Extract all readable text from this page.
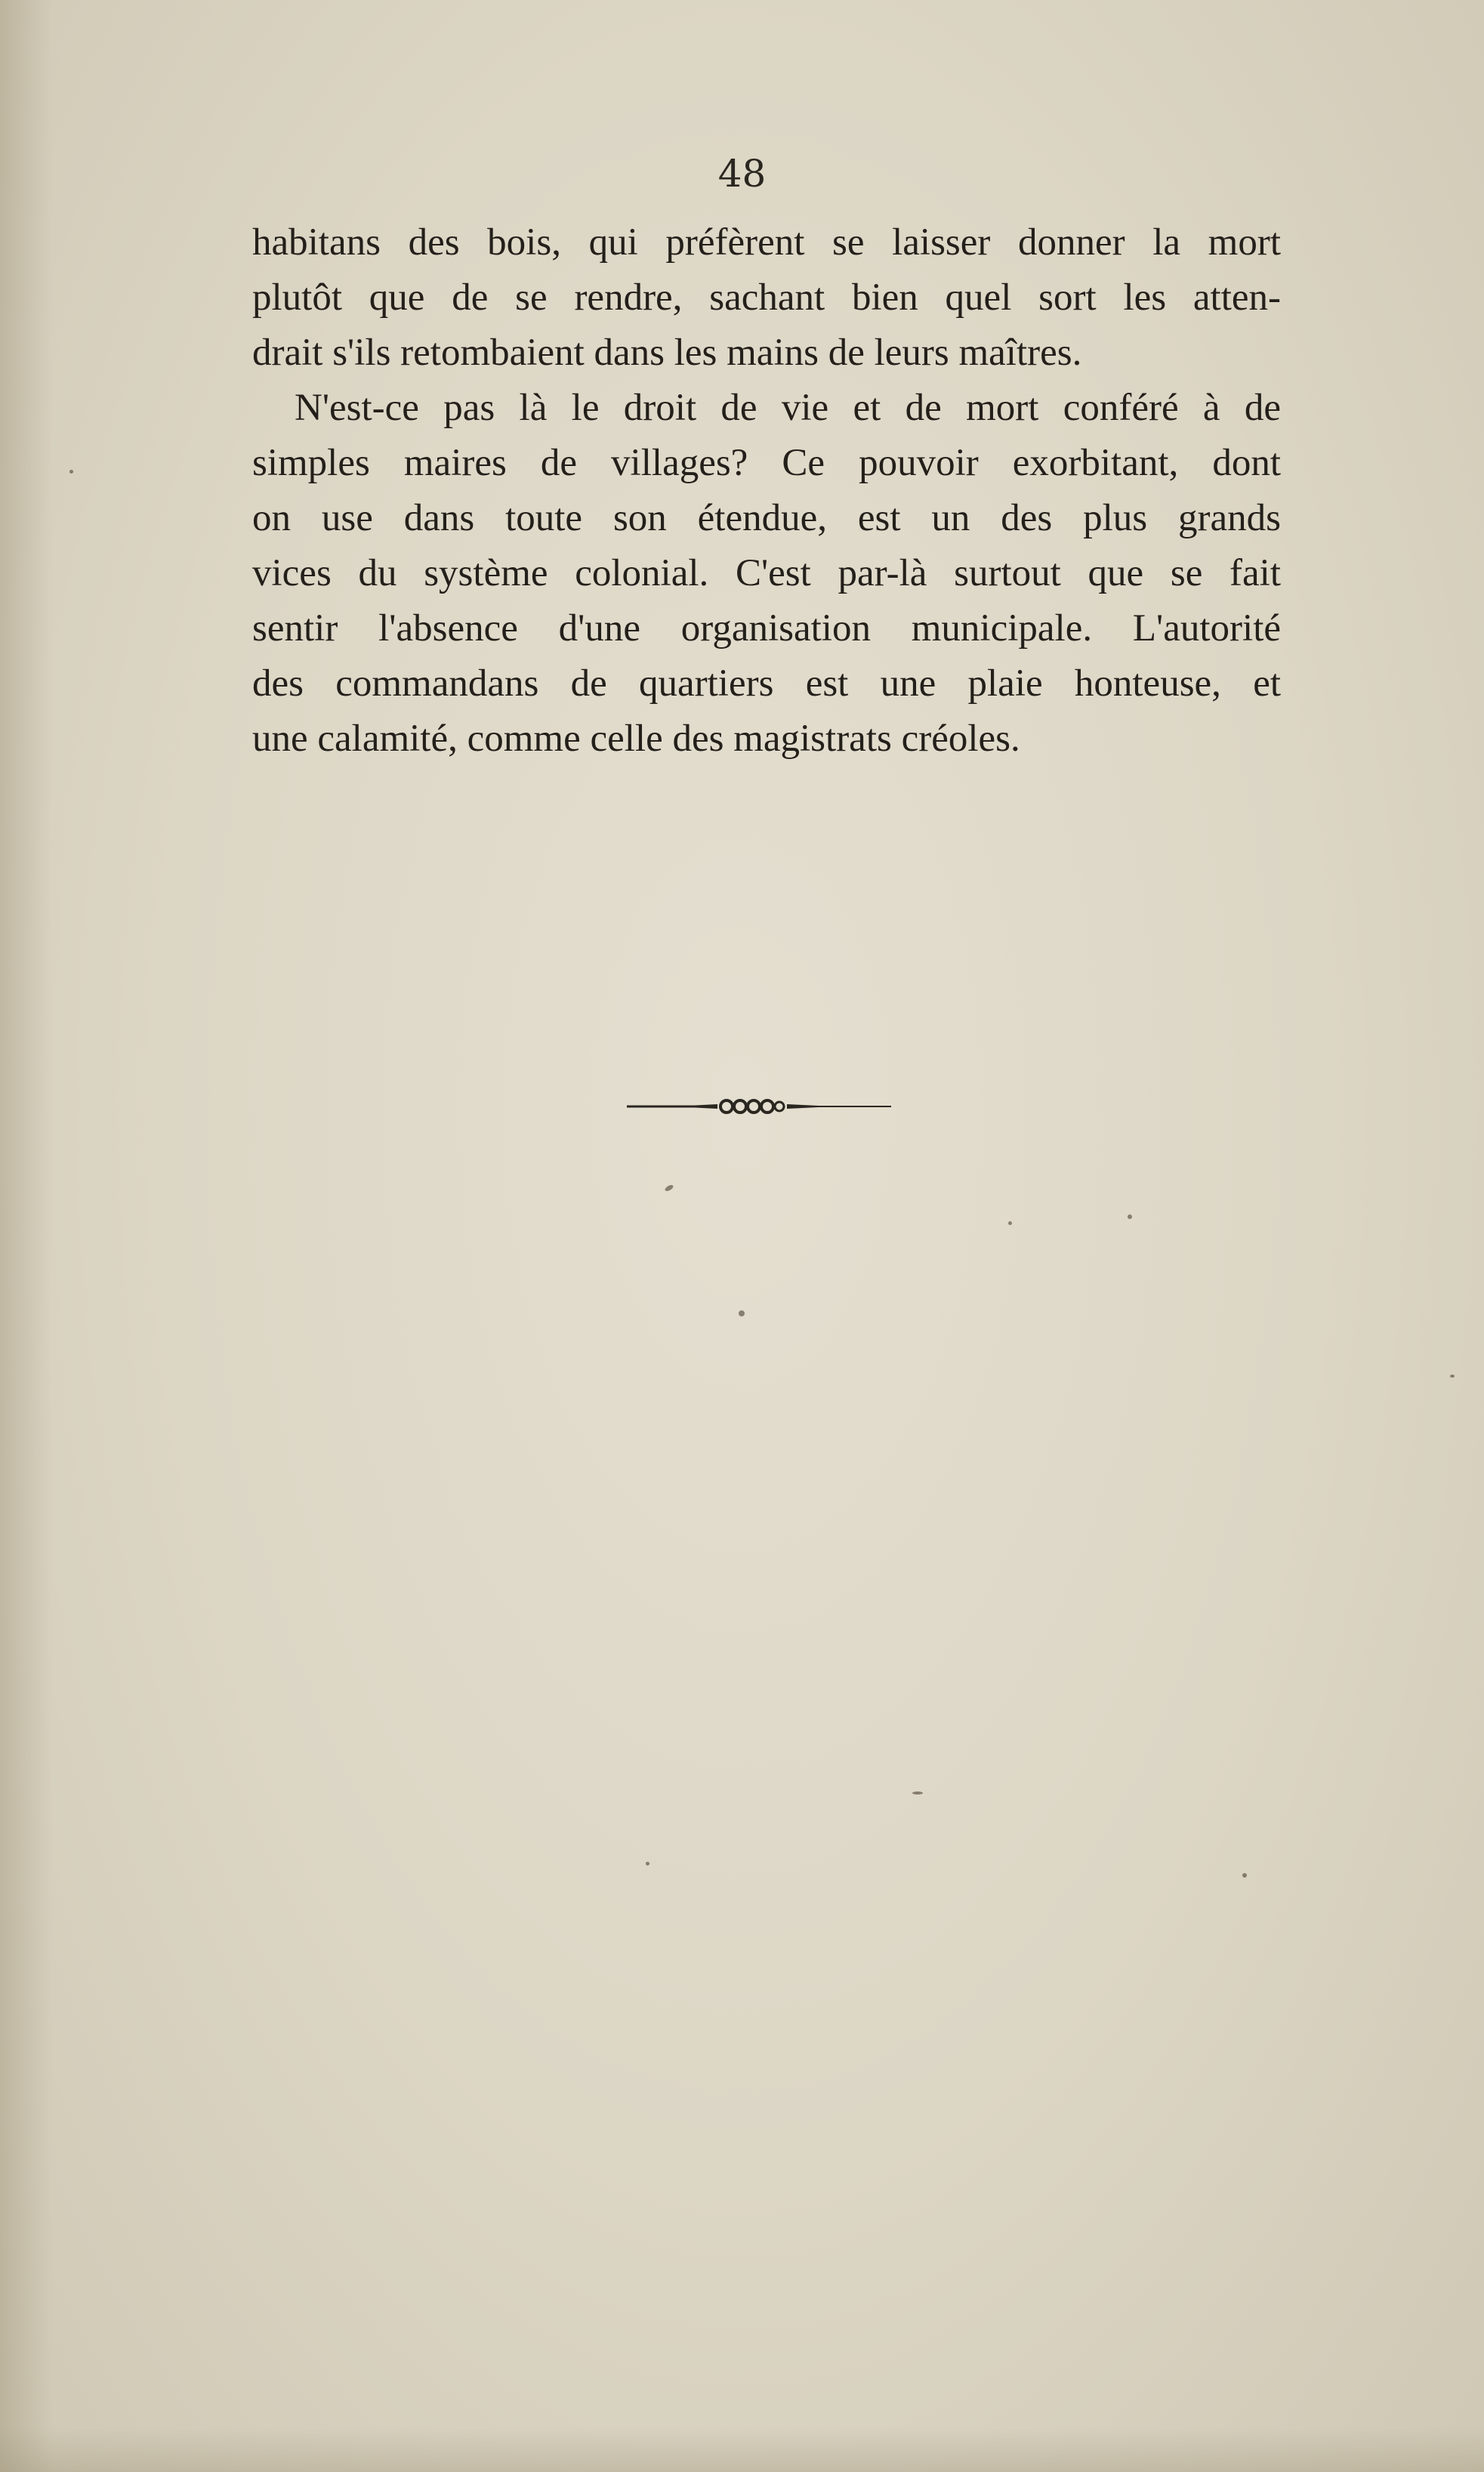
48
habitans des bois, qui préfèrent se laisser donner la mort
plutôt que de se rendre, sachant bien quel sort les atten-
drait s'ils retombaient dans les mains de leurs maîtres.
N'est-ce pas là le droit de vie et de mort conféré à de
simples maires de villages? Ce pouvoir exorbitant, dont
on use dans toute son étendue, est un des plus grands
vices du système colonial. C'est par-là surtout que se fait
sentir l'absence d'une organisation municipale. L'autorité
des commandans de quartiers est une plaie honteuse, et
une calamité, comme celle des magistrats créoles.
